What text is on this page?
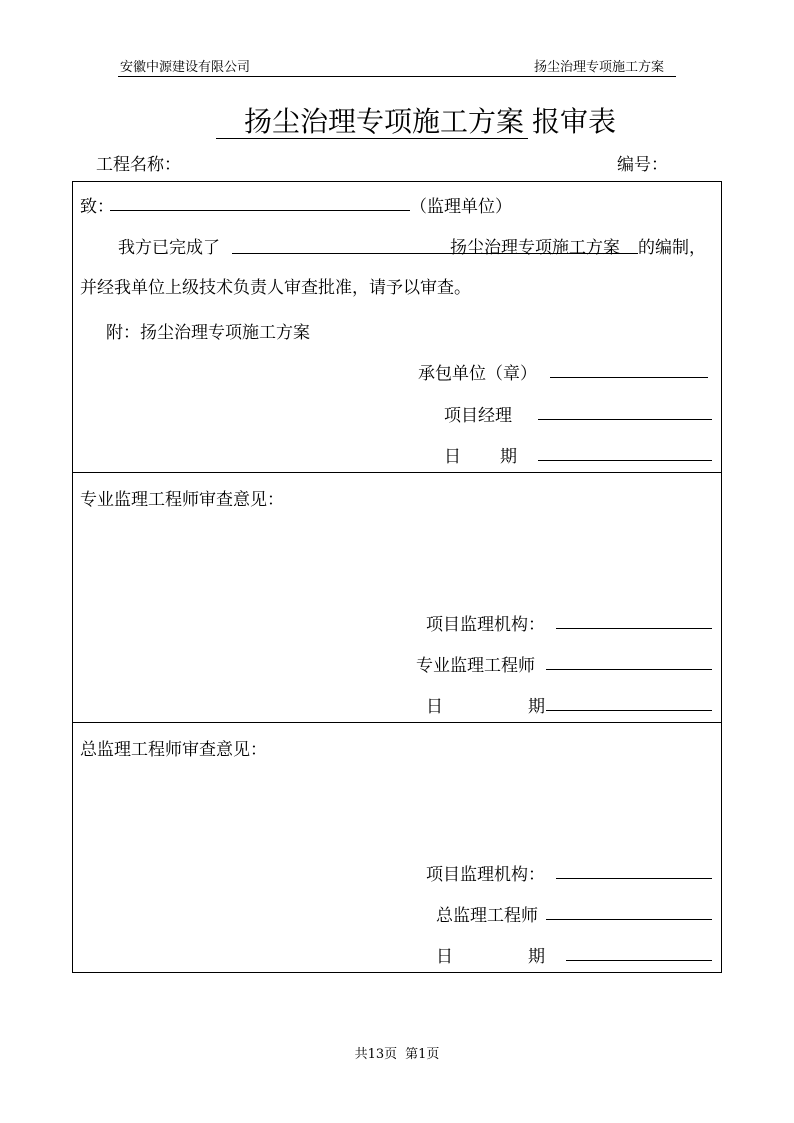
安徽中源建设有限公司	扬尘治理专项施工方案
扬尘治理专项施工方案 报审表
工程名称：	编号：
致：	（监理单位）
我方已完成了	扬尘治理专项施工方案 的编制，
并经我单位上级技术负责人审查批准，请予以审查。
附：扬尘治理专项施工方案
承包单位（章）
项目经理
日 期
专业监理工程师审查意见：
项目监理机构：
专业监理工程师
日	期
总监理工程师审查意见：
项目监理机构：
总监理工程师
日	期
共13页 第1页
